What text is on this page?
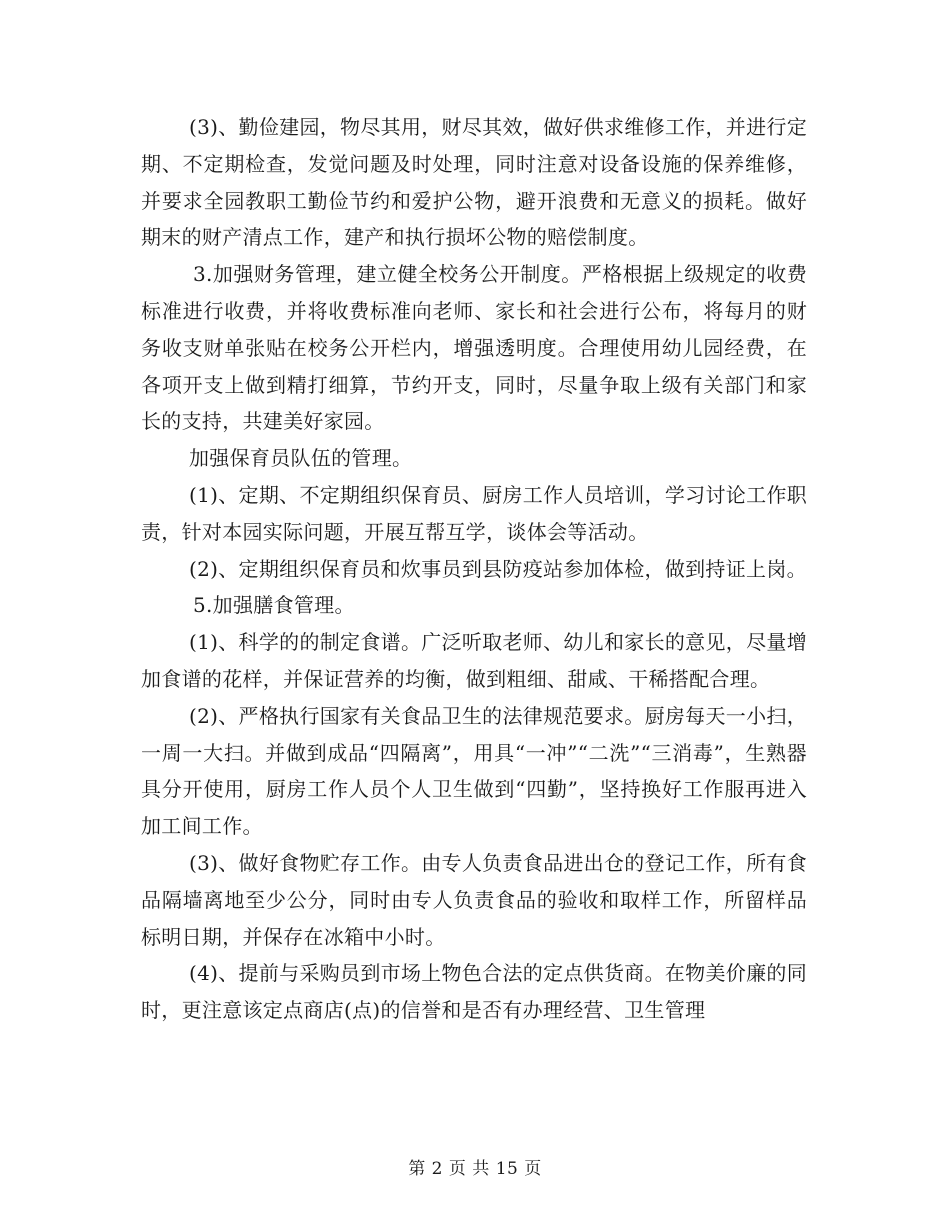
(3)、勤俭建园，物尽其用，财尽其效，做好供求维修工作，并进行定期、不定期检查，发觉问题及时处理，同时注意对设备设施的保养维修，并要求全园教职工勤俭节约和爱护公物，避开浪费和无意义的损耗。做好期末的财产清点工作，建产和执行损坏公物的赔偿制度。

3.加强财务管理，建立健全校务公开制度。严格根据上级规定的收费标准进行收费，并将收费标准向老师、家长和社会进行公布，将每月的财务收支财单张贴在校务公开栏内，增强透明度。合理使用幼儿园经费，在各项开支上做到精打细算，节约开支，同时，尽量争取上级有关部门和家长的支持，共建美好家园。

加强保育员队伍的管理。

(1)、定期、不定期组织保育员、厨房工作人员培训，学习讨论工作职责，针对本园实际问题，开展互帮互学，谈体会等活动。

(2)、定期组织保育员和炊事员到县防疫站参加体检，做到持证上岗。

5.加强膳食管理。

(1)、科学的的制定食谱。广泛听取老师、幼儿和家长的意见，尽量增加食谱的花样，并保证营养的均衡，做到粗细、甜咸、干稀搭配合理。

(2)、严格执行国家有关食品卫生的法律规范要求。厨房每天一小扫，一周一大扫。并做到成品“四隔离”，用具“一冲”“二洗”“三消毒”，生熟器具分开使用，厨房工作人员个人卫生做到“四勤”，坚持换好工作服再进入加工间工作。

(3)、做好食物贮存工作。由专人负责食品进出仓的登记工作，所有食品隔墙离地至少公分，同时由专人负责食品的验收和取样工作，所留样品标明日期，并保存在冰箱中小时。

(4)、提前与采购员到市场上物色合法的定点供货商。在物美价廉的同时，更注意该定点商店(点)的信誉和是否有办理经营、卫生管理

第 2 页 共 15 页
